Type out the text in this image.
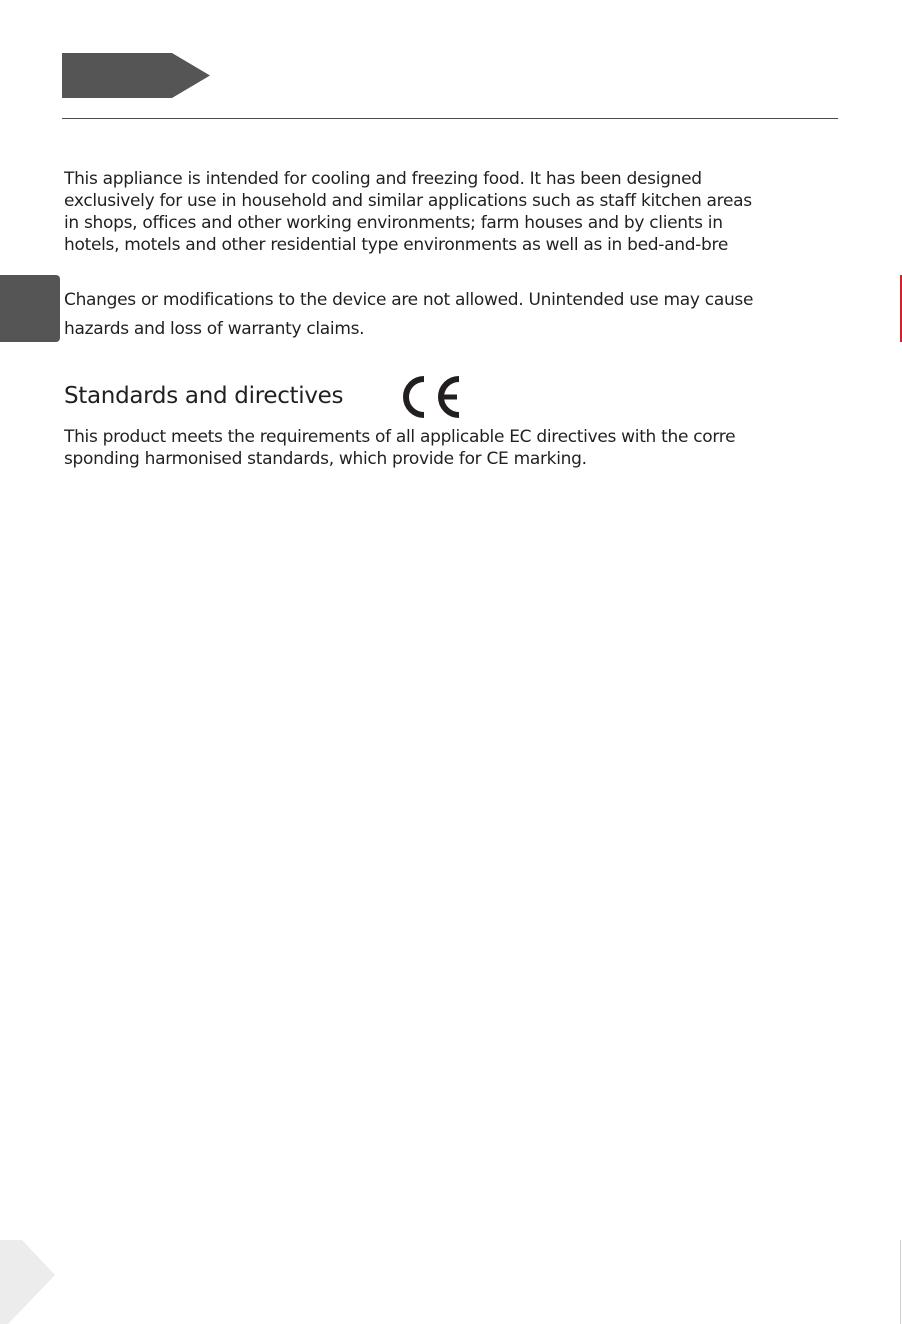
This appliance is intended for cooling and freezing food. It has been designed
exclusively for use in household and similar applications such as staff kitchen areas
in shops, offices and other working environments; farm houses and by clients in
hotels, motels and other residential type environments as well as in bed-and-bre

Changes or modifications to the device are not allowed. Unintended use may cause
hazards and loss of warranty claims.

Standards and directives

This product meets the requirements of all applicable EC directives with the corre
sponding harmonised standards, which provide for CE marking.
